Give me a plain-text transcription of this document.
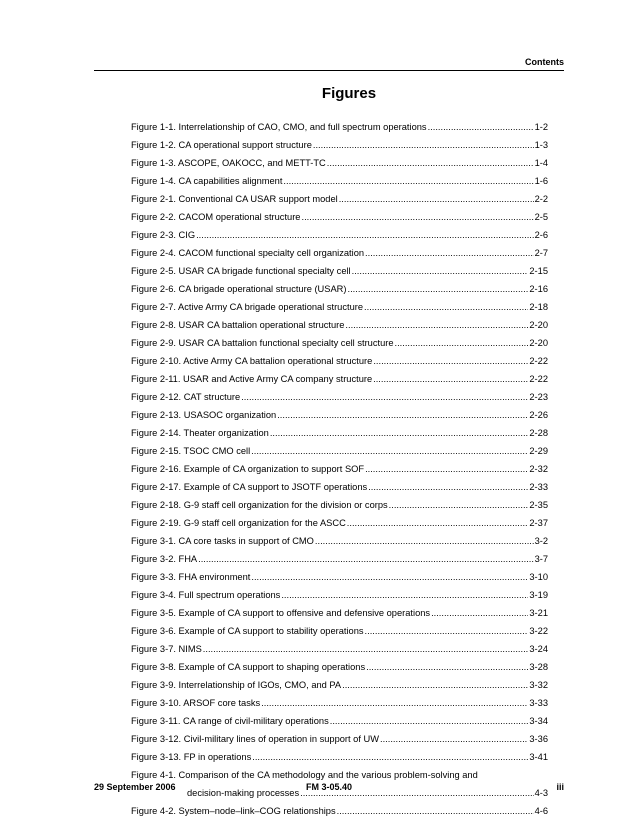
Contents
Figures
Figure 1-1. Interrelationship of CAO, CMO, and full spectrum operations .....	1-2
Figure 1-2. CA operational support structure .....	1-3
Figure 1-3. ASCOPE, OAKOCC, and METT-TC .....	1-4
Figure 1-4. CA capabilities alignment .....	1-6
Figure 2-1. Conventional CA USAR support model .....	2-2
Figure 2-2. CACOM operational structure .....	2-5
Figure 2-3. CIG .....	2-6
Figure 2-4. CACOM functional specialty cell organization .....	2-7
Figure 2-5. USAR CA brigade functional specialty cell .....	2-15
Figure 2-6. CA brigade operational structure (USAR) .....	2-16
Figure 2-7. Active Army CA brigade operational structure .....	2-18
Figure 2-8. USAR CA battalion operational structure .....	2-20
Figure 2-9. USAR CA battalion functional specialty cell structure .....	2-20
Figure 2-10. Active Army CA battalion operational structure .....	2-22
Figure 2-11. USAR and Active Army CA company structure .....	2-22
Figure 2-12. CAT structure .....	2-23
Figure 2-13. USASOC organization .....	2-26
Figure 2-14. Theater organization .....	2-28
Figure 2-15. TSOC CMO cell .....	2-29
Figure 2-16. Example of CA organization to support SOF .....	2-32
Figure 2-17. Example of CA support to JSOTF operations .....	2-33
Figure 2-18. G-9 staff cell organization for the division or corps .....	2-35
Figure 2-19. G-9 staff cell organization for the ASCC .....	2-37
Figure 3-1. CA core tasks in support of CMO .....	3-2
Figure 3-2. FHA .....	3-7
Figure 3-3. FHA environment .....	3-10
Figure 3-4. Full spectrum operations .....	3-19
Figure 3-5. Example of CA support to offensive and defensive operations .....	3-21
Figure 3-6. Example of CA support to stability operations .....	3-22
Figure 3-7. NIMS .....	3-24
Figure 3-8. Example of CA support to shaping operations .....	3-28
Figure 3-9. Interrelationship of IGOs, CMO, and PA .....	3-32
Figure 3-10. ARSOF core tasks .....	3-33
Figure 3-11. CA range of civil-military operations .....	3-34
Figure 3-12. Civil-military lines of operation in support of UW .....	3-36
Figure 3-13. FP in operations .....	3-41
Figure 4-1. Comparison of the CA methodology and the various problem-solving and
decision-making processes .....	4-3
Figure 4-2. System–node–link–COG relationships .....	4-6
29 September 2006	FM 3-05.40	iii
